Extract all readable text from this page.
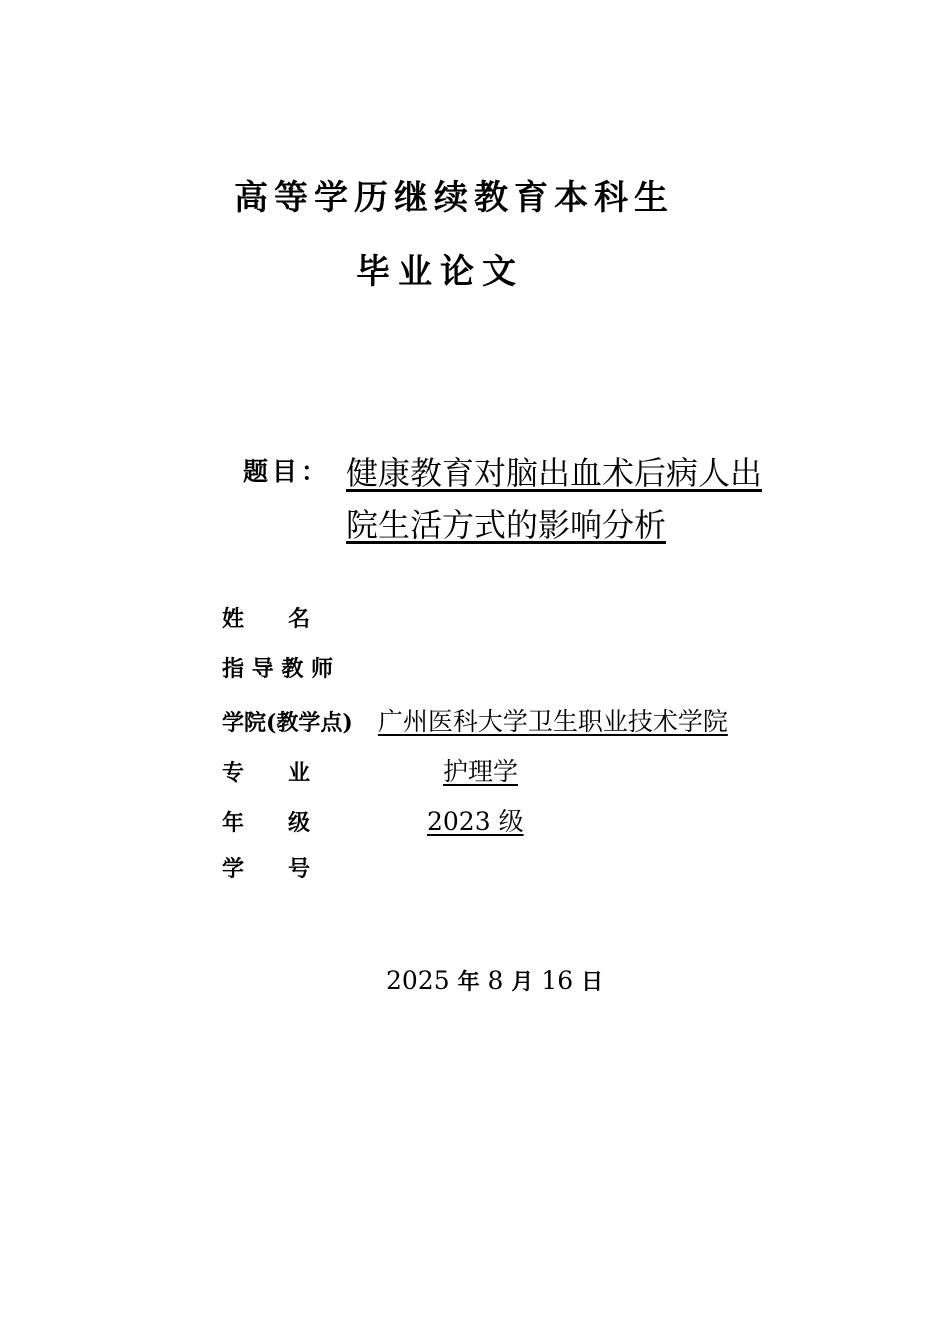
高等学历继续教育本科生
毕业论文
题目： 健康教育对脑出血术后病人出
院生活方式的影响分析
姓　　名
指 导 教 师
学院(教学点) 广州医科大学卫生职业技术学院
专　　业	护理学
年　　级	2023 级
学　　号
2025 年 8 月 16 日
